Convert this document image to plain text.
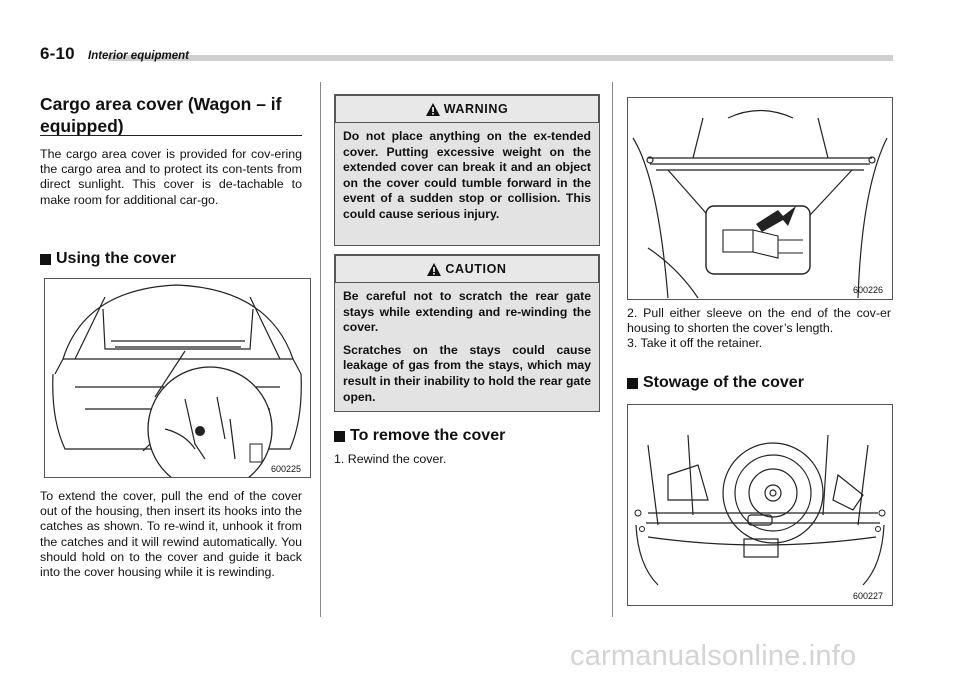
6-10 Interior equipment
Cargo area cover (Wagon – if equipped)
The cargo area cover is provided for cov-ering the cargo area and to protect its con-tents from direct sunlight. This cover is de-tachable to make room for additional car-go.
Using the cover
600225
To extend the cover, pull the end of the cover out of the housing, then insert its hooks into the catches as shown. To re-wind it, unhook it from the catches and it will rewind automatically. You should hold on to the cover and guide it back into the cover housing while it is rewinding.
WARNING
Do not place anything on the ex-tended cover. Putting excessive weight on the extended cover can break it and an object on the cover could tumble forward in the event of a sudden stop or collision. This could cause serious injury.
CAUTION

Be careful not to scratch the rear gate stays while extending and re-winding the cover.

Scratches on the stays could cause leakage of gas from the stays, which may result in their inability to hold the rear gate open.

To remove the cover
1. Rewind the cover.
600226

2. Pull either sleeve on the end of the cov-er housing to shorten the cover’s length.

3. Take it off the retainer.

Stowage of the cover
600227
carmanualsonline.info
